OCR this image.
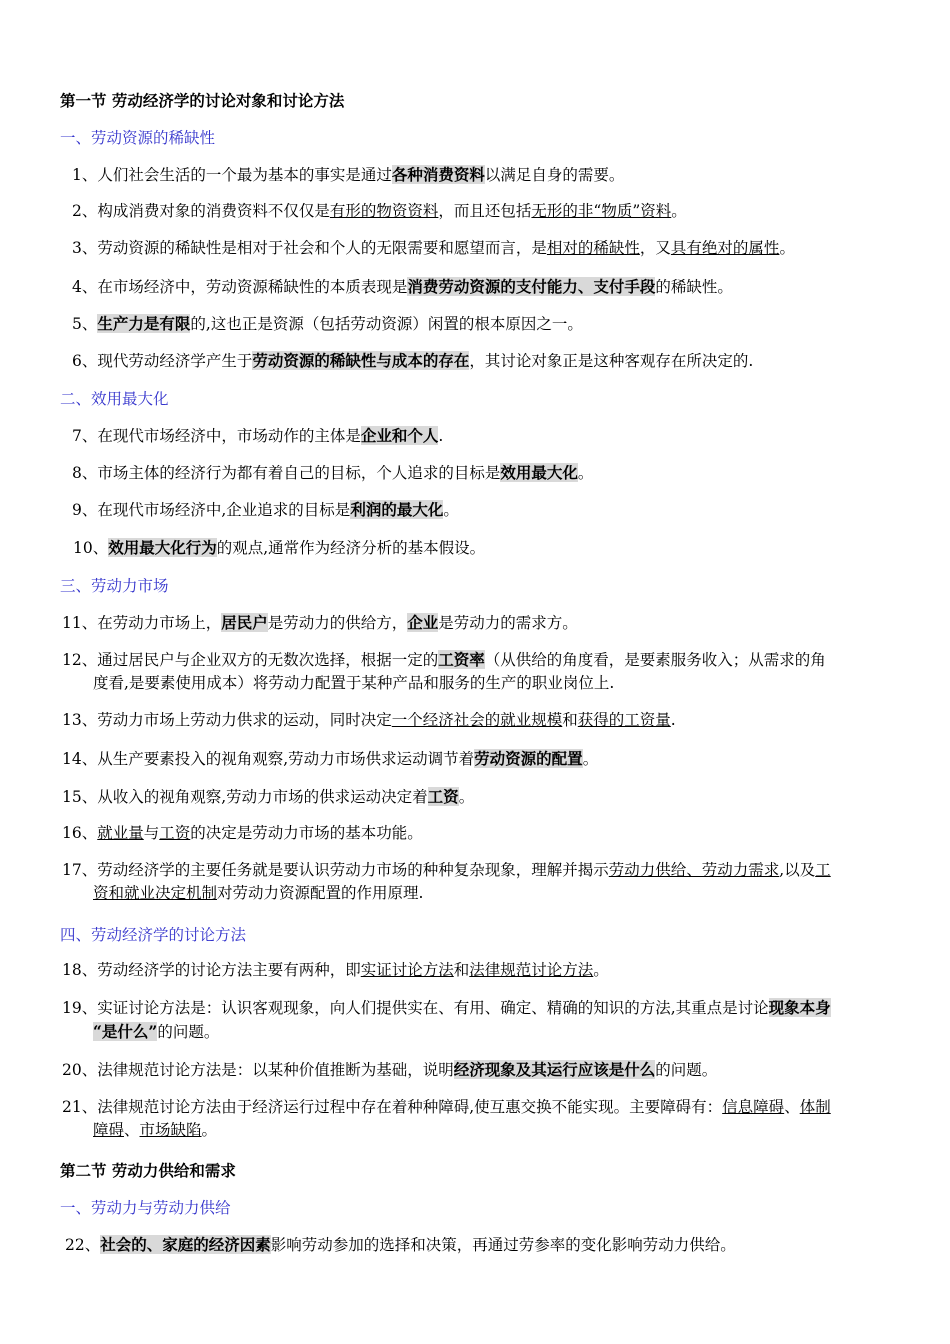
第一节 劳动经济学的讨论对象和讨论方法
一、劳动资源的稀缺性
1、人们社会生活的一个最为基本的事实是通过各种消费资料以满足自身的需要。
2、构成消费对象的消费资料不仅仅是有形的物资资料，而且还包括无形的非“物质”资料。
3、劳动资源的稀缺性是相对于社会和个人的无限需要和愿望而言，是相对的稀缺性，又具有绝对的属性。
4、在市场经济中，劳动资源稀缺性的本质表现是消费劳动资源的支付能力、支付手段的稀缺性。
5、生产力是有限的,这也正是资源（包括劳动资源）闲置的根本原因之一。
6、现代劳动经济学产生于劳动资源的稀缺性与成本的存在，其讨论对象正是这种客观存在所决定的.
二、效用最大化
7、在现代市场经济中，市场动作的主体是企业和个人.
8、市场主体的经济行为都有着自己的目标，个人追求的目标是效用最大化。
9、在现代市场经济中,企业追求的目标是利润的最大化。
10、效用最大化行为的观点,通常作为经济分析的基本假设。
三、劳动力市场
11、在劳动力市场上，居民户是劳动力的供给方，企业是劳动力的需求方。
12、通过居民户与企业双方的无数次选择，根据一定的工资率（从供给的角度看，是要素服务收入；从需求的角
度看,是要素使用成本）将劳动力配置于某种产品和服务的生产的职业岗位上.
13、劳动力市场上劳动力供求的运动，同时决定一个经济社会的就业规模和获得的工资量.
14、从生产要素投入的视角观察,劳动力市场供求运动调节着劳动资源的配置。
15、从收入的视角观察,劳动力市场的供求运动决定着工资。
16、就业量与工资的决定是劳动力市场的基本功能。
17、劳动经济学的主要任务就是要认识劳动力市场的种种复杂现象，理解并揭示劳动力供给、劳动力需求,以及工
资和就业决定机制对劳动力资源配置的作用原理.
四、劳动经济学的讨论方法
18、劳动经济学的讨论方法主要有两种，即实证讨论方法和法律规范讨论方法。
19、实证讨论方法是：认识客观现象，向人们提供实在、有用、确定、精确的知识的方法,其重点是讨论现象本身
“是什么”的问题。
20、法律规范讨论方法是：以某种价值推断为基础，说明经济现象及其运行应该是什么的问题。
21、法律规范讨论方法由于经济运行过程中存在着种种障碍,使互惠交换不能实现。主要障碍有：信息障碍、体制
障碍、市场缺陷。
第二节 劳动力供给和需求
一、劳动力与劳动力供给
22、社会的、家庭的经济因素影响劳动参加的选择和决策，再通过劳参率的变化影响劳动力供给。
